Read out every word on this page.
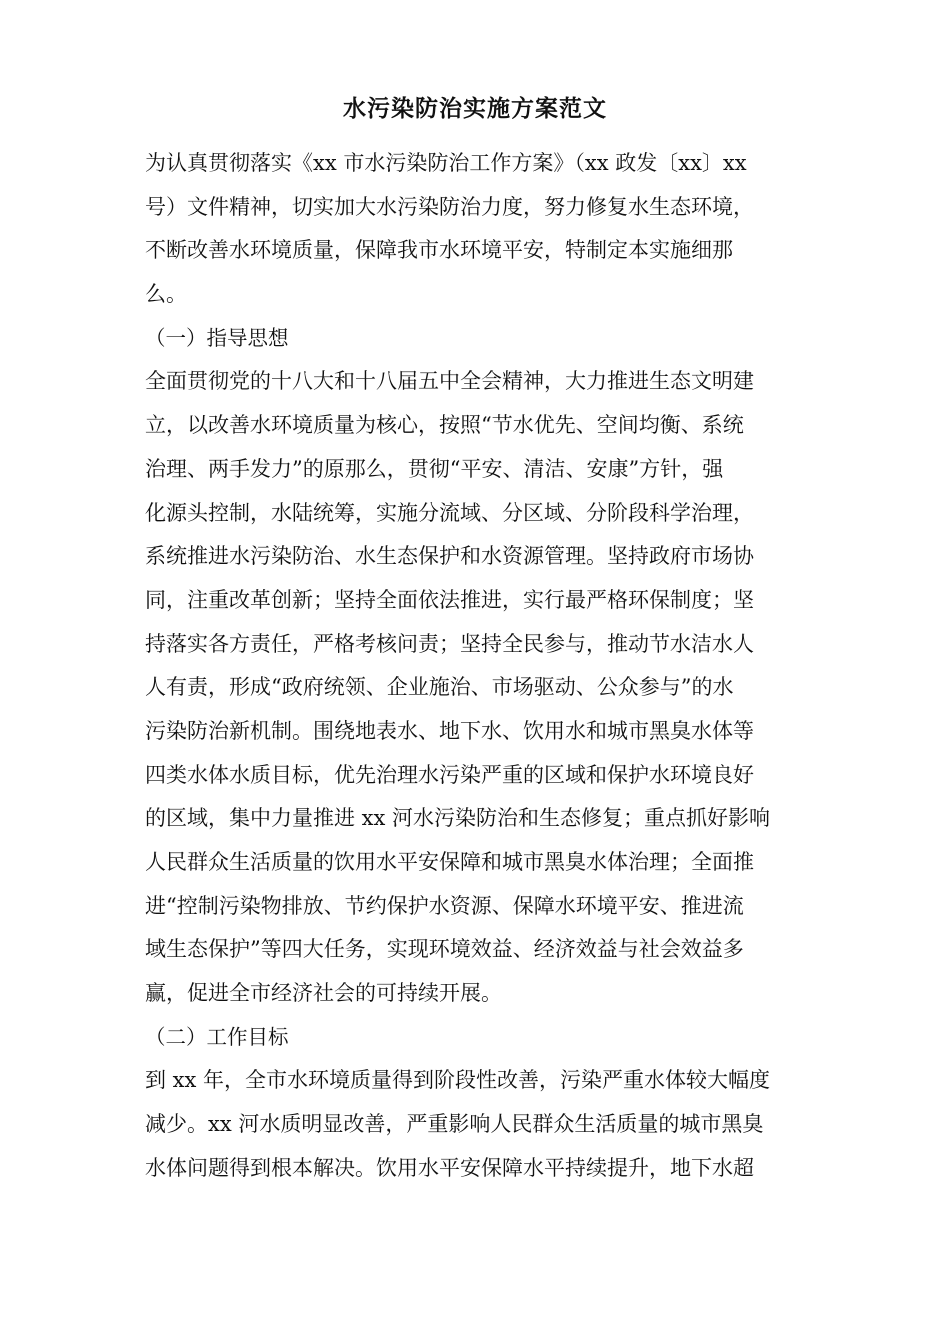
水污染防治实施方案范文
为认真贯彻落实《xx 市水污染防治工作方案》（xx 政发〔xx〕xx
号）文件精神，切实加大水污染防治力度，努力修复水生态环境，
不断改善水环境质量，保障我市水环境平安，特制定本实施细那
么。
（一）指导思想
全面贯彻党的十八大和十八届五中全会精神，大力推进生态文明建
立，以改善水环境质量为核心，按照“节水优先、空间均衡、系统
治理、两手发力”的原那么，贯彻“平安、清洁、安康”方针，强
化源头控制，水陆统筹，实施分流域、分区域、分阶段科学治理，
系统推进水污染防治、水生态保护和水资源管理。坚持政府市场协
同，注重改革创新；坚持全面依法推进，实行最严格环保制度；坚
持落实各方责任，严格考核问责；坚持全民参与，推动节水洁水人
人有责，形成“政府统领、企业施治、市场驱动、公众参与”的水
污染防治新机制。围绕地表水、地下水、饮用水和城市黑臭水体等
四类水体水质目标，优先治理水污染严重的区域和保护水环境良好
的区域，集中力量推进 xx 河水污染防治和生态修复；重点抓好影响
人民群众生活质量的饮用水平安保障和城市黑臭水体治理；全面推
进“控制污染物排放、节约保护水资源、保障水环境平安、推进流
域生态保护”等四大任务，实现环境效益、经济效益与社会效益多
赢，促进全市经济社会的可持续开展。
（二）工作目标
到 xx 年，全市水环境质量得到阶段性改善，污染严重水体较大幅度
减少。xx 河水质明显改善，严重影响人民群众生活质量的城市黑臭
水体问题得到根本解决。饮用水平安保障水平持续提升，地下水超
